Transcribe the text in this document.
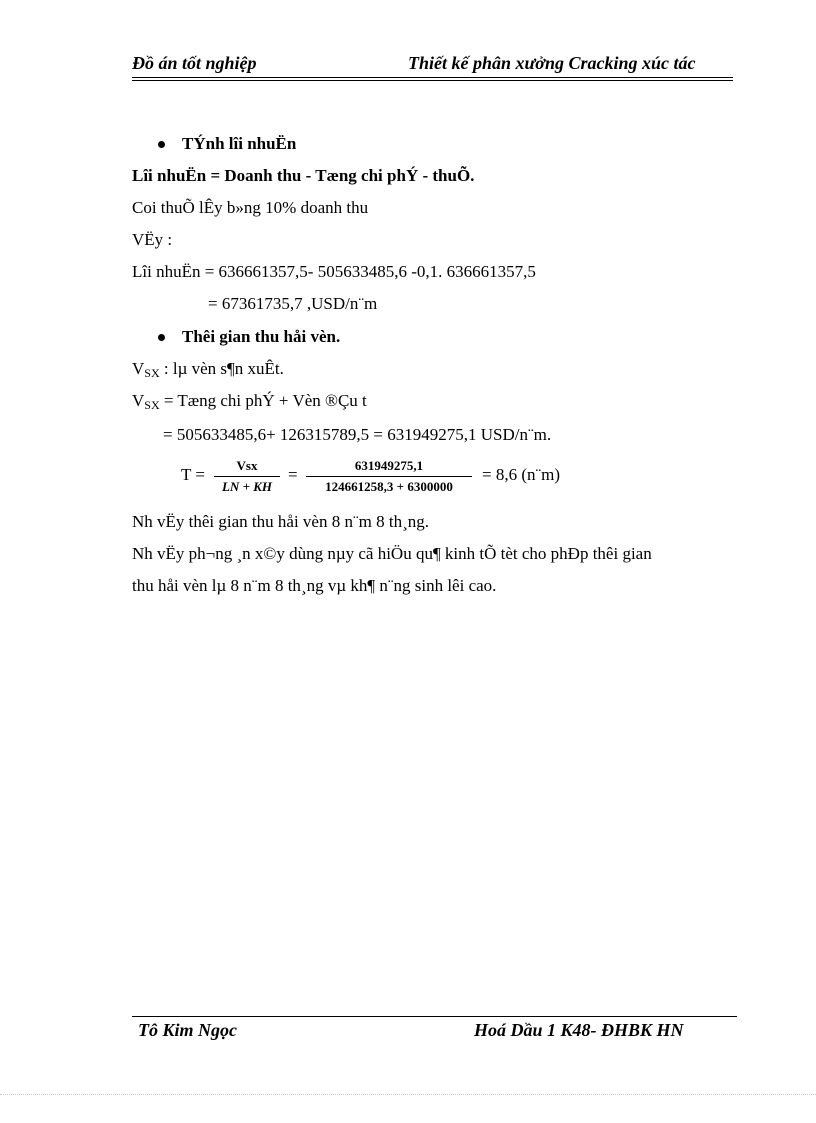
Đồ án tốt nghiệp	Thiết kế phân xưởng Cracking xúc tác
TÝnh lîi nhuËn
Lîi nhuËn = Doanh thu - Tæng chi phÝ - thuÕ.
Coi thuÕ lÊy b»ng 10% doanh thu
VËy :
Lîi nhuËn = 636661357,5- 505633485,6 -0,1. 636661357,5
= 67361735,7 ,USD/n¨m
Thêi gian thu håi vèn.
$V_{SX}$ : lµ vèn s¶n xuÊt.
$V_{SX}$ = Tæng chi phÝ + Vèn ®Çu t
= 505633485,6+ 126315789,5 = 631949275,1 USD/n¨m.
T =	Vsx
LN + KH
=	631949275,1
124661258,3 + 6300000
= 8,6 (n¨m)
Nh vËy thêi gian thu håi vèn 8 n¨m 8 th¸ng.
Nh vËy ph¬ng ¸n x©y dùng nµy cã hiÖu qu¶ kinh tÕ tèt cho phÐp thêi gian
thu håi vèn lµ 8 n¨m 8 th¸ng vµ kh¶ n¨ng sinh lêi cao.
Tô Kim Ngọc	Hoá Dầu 1 K48- ĐHBK HN
